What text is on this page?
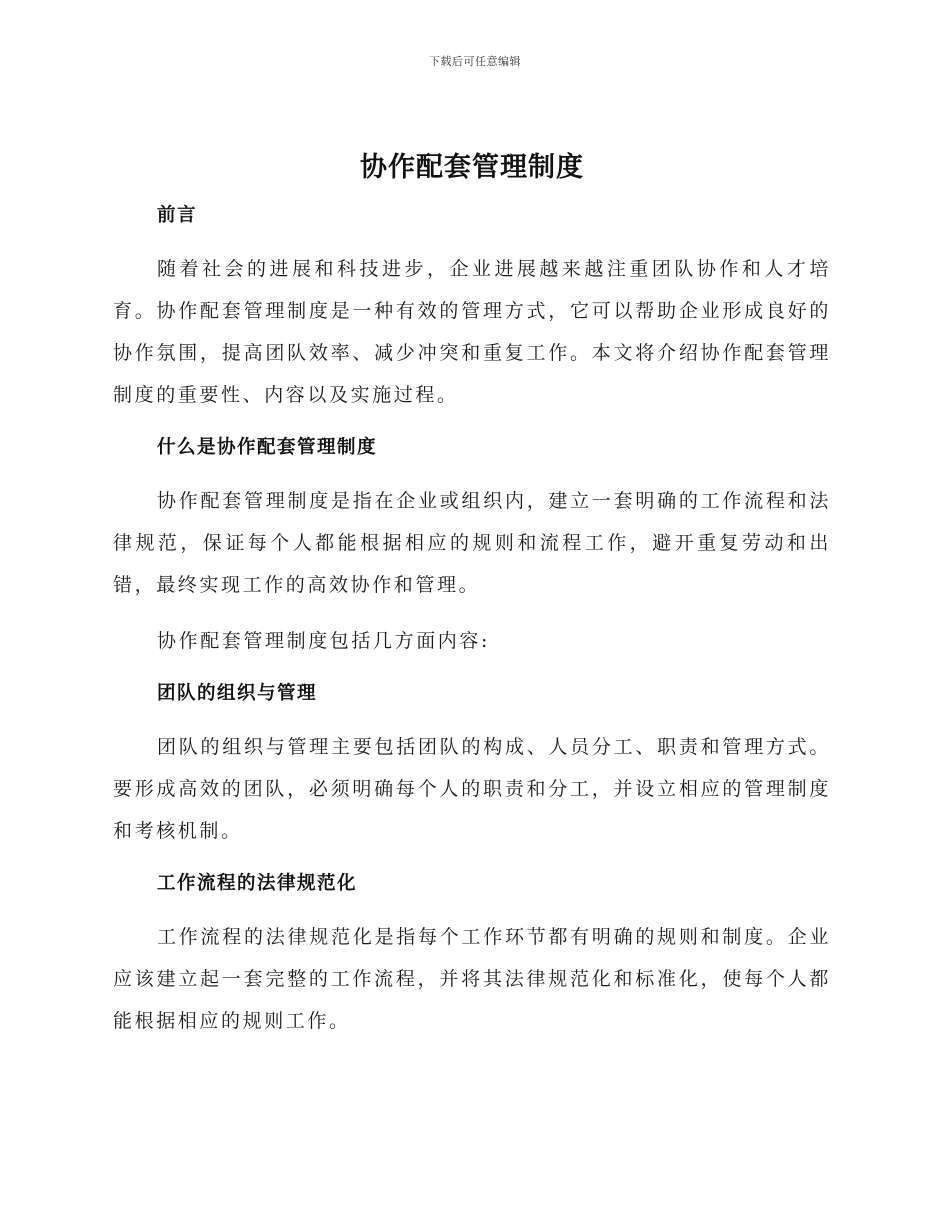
下载后可任意编辑
协作配套管理制度
前言

随着社会的进展和科技进步，企业进展越来越注重团队协作和人才培育。协作配套管理制度是一种有效的管理方式，它可以帮助企业形成良好的协作氛围，提高团队效率、减少冲突和重复工作。本文将介绍协作配套管理制度的重要性、内容以及实施过程。

什么是协作配套管理制度

协作配套管理制度是指在企业或组织内，建立一套明确的工作流程和法律规范，保证每个人都能根据相应的规则和流程工作，避开重复劳动和出错，最终实现工作的高效协作和管理。

协作配套管理制度包括几方面内容:

团队的组织与管理

团队的组织与管理主要包括团队的构成、人员分工、职责和管理方式。要形成高效的团队，必须明确每个人的职责和分工，并设立相应的管理制度和考核机制。

工作流程的法律规范化

工作流程的法律规范化是指每个工作环节都有明确的规则和制度。企业应该建立起一套完整的工作流程，并将其法律规范化和标准化，使每个人都能根据相应的规则工作。
